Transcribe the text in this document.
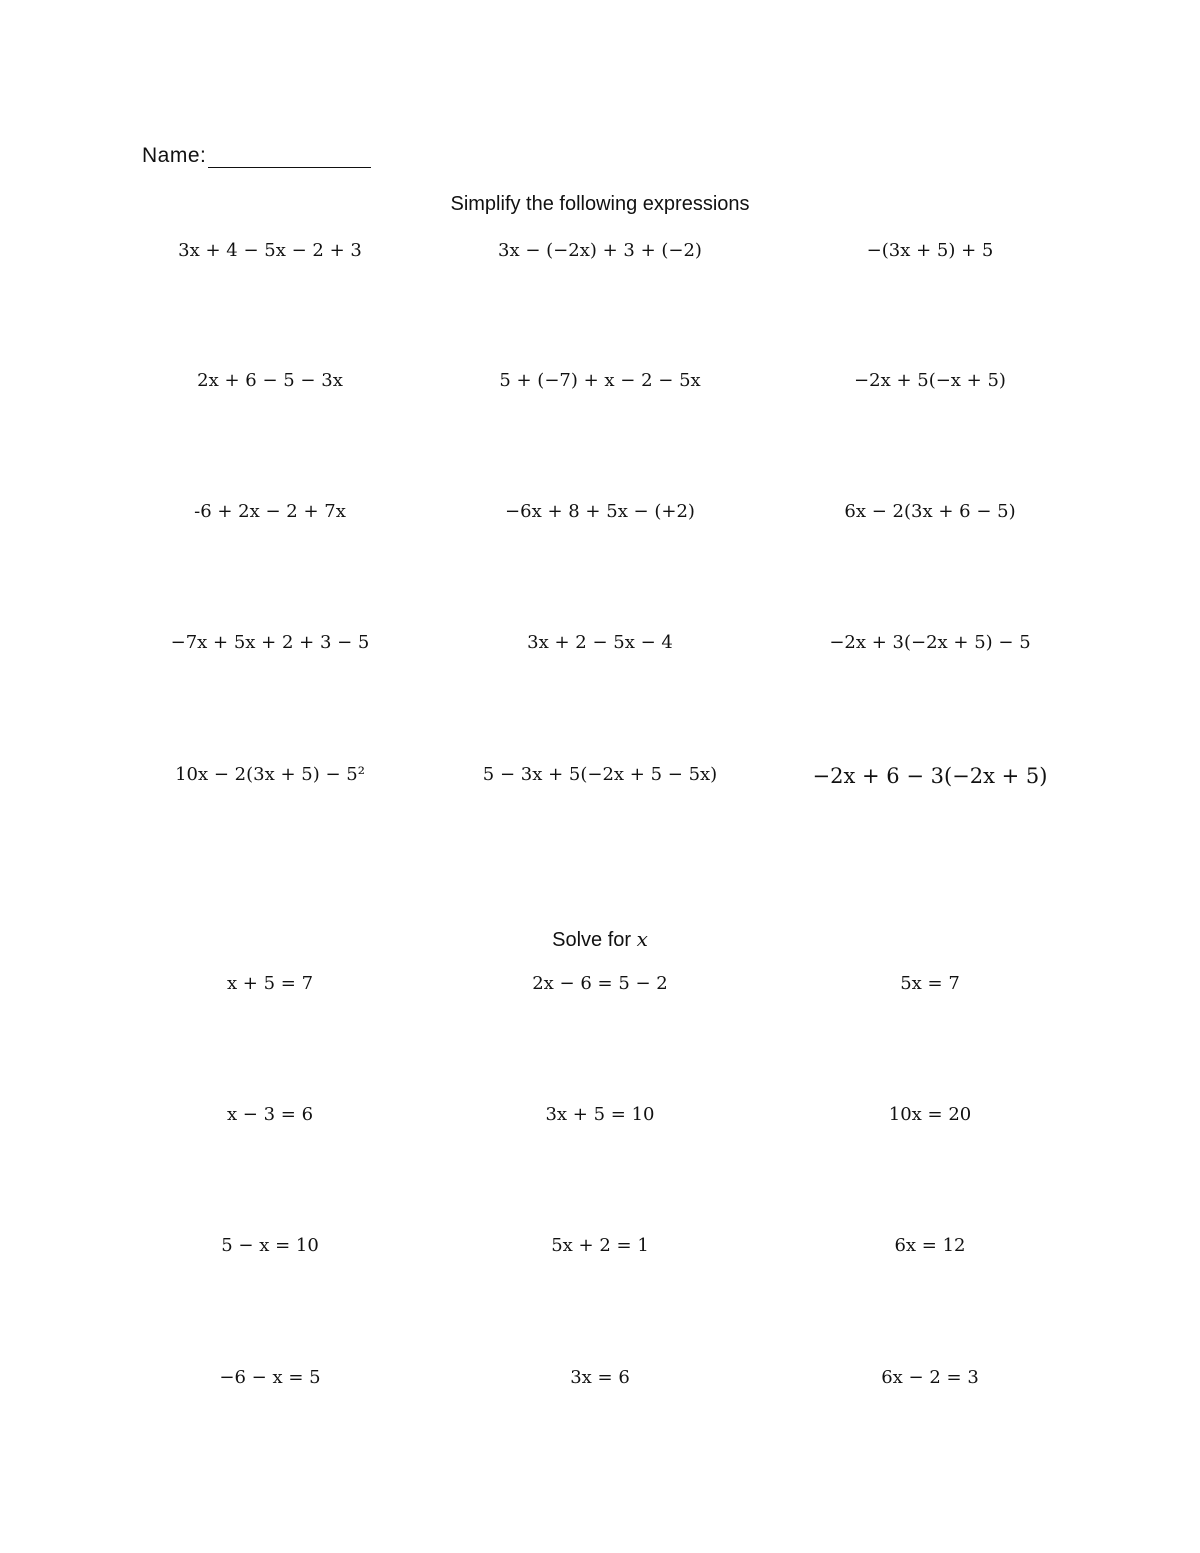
Name:
Simplify the following expressions
3x + 4 − 5x − 2 + 3	3x − (−2x) + 3 + (−2)	−(3x + 5) + 5
2x + 6 − 5 − 3x	5 + (−7) + x − 2 − 5x	−2x + 5(−x + 5)
-6 + 2x − 2 + 7x	−6x + 8 + 5x − (+2)	6x − 2(3x + 6 − 5)
−7x + 5x + 2 + 3 − 5	3x + 2 − 5x − 4	−2x + 3(−2x + 5) − 5
10x − 2(3x + 5) − 5²	5 − 3x + 5(−2x + 5 − 5x)	−2x + 6 − 3(−2x + 5)
Solve for x
x + 5 = 7	2x − 6 = 5 − 2	5x = 7
x − 3 = 6	3x + 5 = 10	10x = 20
5 − x = 10	5x + 2 = 1	6x = 12
−6 − x = 5	3x = 6	6x − 2 = 3
